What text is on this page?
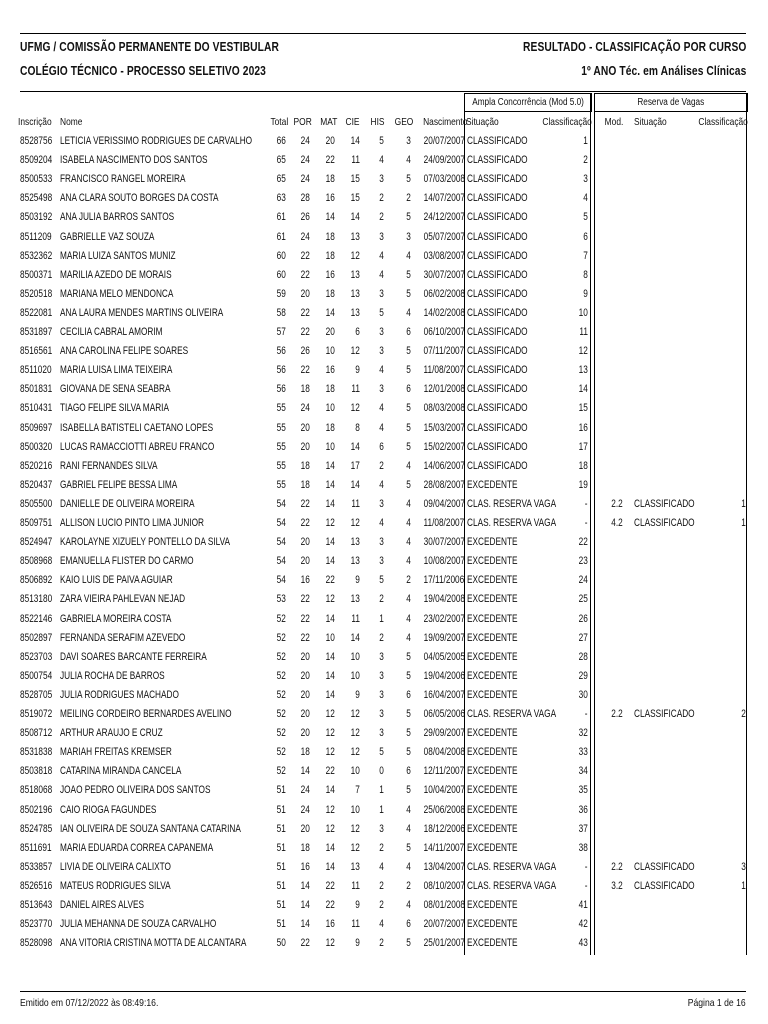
UFMG / COMISSÃO PERMANENTE DO VESTIBULAR
COLÉGIO TÉCNICO - PROCESSO SELETIVO 2023
RESULTADO - CLASSIFICAÇÃO POR CURSO
1º ANO Téc. em Análises Clínicas
Ampla Concorrência (Mod 5.0)	Reserva de Vagas
Inscrição Nome	Total POR MAT CIE	HIS GEO Nascimento
Situação	Classificação	Mod. Situação	Classificação
8528756 LETICIA VERISSIMO RODRIGUES DE CARVALHO	66	24	20	14	5	3	20/07/2007 CLASSIFICADO	1
8509204 ISABELA NASCIMENTO DOS SANTOS	65	24	22	11	4	4	24/09/2007 CLASSIFICADO	2
8500533 FRANCISCO RANGEL MOREIRA	65	24	18	15	3	5	07/03/2008 CLASSIFICADO	3
8525498 ANA CLARA SOUTO BORGES DA COSTA	63	28	16	15	2	2	14/07/2007 CLASSIFICADO	4
8503192 ANA JULIA BARROS SANTOS	61	26	14	14	2	5	24/12/2007 CLASSIFICADO	5
8511209 GABRIELLE VAZ SOUZA	61	24	18	13	3	3	05/07/2007 CLASSIFICADO	6
8532362 MARIA LUIZA SANTOS MUNIZ	60	22	18	12	4	4	03/08/2007 CLASSIFICADO	7
8500371 MARILIA AZEDO DE MORAIS	60	22	16	13	4	5	30/07/2007 CLASSIFICADO	8
8520518 MARIANA MELO MENDONCA	59	20	18	13	3	5	06/02/2008 CLASSIFICADO	9
8522081 ANA LAURA MENDES MARTINS OLIVEIRA	58	22	14	13	5	4	14/02/2008 CLASSIFICADO	10
8531897 CECILIA CABRAL AMORIM	57	22	20	6	3	6	06/10/2007 CLASSIFICADO	11
8516561 ANA CAROLINA FELIPE SOARES	56	26	10	12	3	5	07/11/2007 CLASSIFICADO	12
8511020 MARIA LUISA LIMA TEIXEIRA	56	22	16	9	4	5	11/08/2007 CLASSIFICADO	13
8501831 GIOVANA DE SENA SEABRA	56	18	18	11	3	6	12/01/2008 CLASSIFICADO	14
8510431 TIAGO FELIPE SILVA MARIA	55	24	10	12	4	5	08/03/2008 CLASSIFICADO	15
8509697 ISABELLA BATISTELI CAETANO LOPES	55	20	18	8	4	5	15/03/2007 CLASSIFICADO	16
8500320 LUCAS RAMACCIOTTI ABREU FRANCO	55	20	10	14	6	5	15/02/2007 CLASSIFICADO	17
8520216 RANI FERNANDES SILVA	55	18	14	17	2	4	14/06/2007 CLASSIFICADO	18
8520437 GABRIEL FELIPE BESSA LIMA	55	18	14	14	4	5	28/08/2007 EXCEDENTE	19
8505500 DANIELLE DE OLIVEIRA MOREIRA	54	22	14	11	3	4	09/04/2007 CLAS. RESERVA VAGA	-	2.2 CLASSIFICADO	1
8509751 ALLISON LUCIO PINTO LIMA JUNIOR	54	22	12	12	4	4	11/08/2007 CLAS. RESERVA VAGA	-	4.2 CLASSIFICADO	1
8524947 KAROLAYNE XIZUELY PONTELLO DA SILVA	54	20	14	13	3	4	30/07/2007 EXCEDENTE	22
8508968 EMANUELLA FLISTER DO CARMO	54	20	14	13	3	4	10/08/2007 EXCEDENTE	23
8506892 KAIO LUIS DE PAIVA AGUIAR	54	16	22	9	5	2	17/11/2006 EXCEDENTE	24
8513180 ZARA VIEIRA PAHLEVAN NEJAD	53	22	12	13	2	4	19/04/2008 EXCEDENTE	25
8522146 GABRIELA MOREIRA COSTA	52	22	14	11	1	4	23/02/2007 EXCEDENTE	26
8502897 FERNANDA SERAFIM AZEVEDO	52	22	10	14	2	4	19/09/2007 EXCEDENTE	27
8523703 DAVI SOARES BARCANTE FERREIRA	52	20	14	10	3	5	04/05/2005 EXCEDENTE	28
8500754 JULIA ROCHA DE BARROS	52	20	14	10	3	5	19/04/2006 EXCEDENTE	29
8528705 JULIA RODRIGUES MACHADO	52	20	14	9	3	6	16/04/2007 EXCEDENTE	30
8519072 MEILING CORDEIRO BERNARDES AVELINO	52	20	12	12	3	5	06/05/2006 CLAS. RESERVA VAGA	-	2.2 CLASSIFICADO	2
8508712 ARTHUR ARAUJO E CRUZ	52	20	12	12	3	5	29/09/2007 EXCEDENTE	32
8531838 MARIAH FREITAS KREMSER	52	18	12	12	5	5	08/04/2008 EXCEDENTE	33
8503818 CATARINA MIRANDA CANCELA	52	14	22	10	0	6	12/11/2007 EXCEDENTE	34
8518068 JOAO PEDRO OLIVEIRA DOS SANTOS	51	24	14	7	1	5	10/04/2007 EXCEDENTE	35
8502196 CAIO RIOGA FAGUNDES	51	24	12	10	1	4	25/06/2008 EXCEDENTE	36
8524785 IAN OLIVEIRA DE SOUZA SANTANA CATARINA	51	20	12	12	3	4	18/12/2006 EXCEDENTE	37
8511691 MARIA EDUARDA CORREA CAPANEMA	51	18	14	12	2	5	14/11/2007 EXCEDENTE	38
8533857 LIVIA DE OLIVEIRA CALIXTO	51	16	14	13	4	4	13/04/2007 CLAS. RESERVA VAGA	-	2.2 CLASSIFICADO	3
8526516 MATEUS RODRIGUES SILVA	51	14	22	11	2	2	08/10/2007 CLAS. RESERVA VAGA	-	3.2 CLASSIFICADO	1
8513643 DANIEL AIRES ALVES	51	14	22	9	2	4	08/01/2008 EXCEDENTE	41
8523770 JULIA MEHANNA DE SOUZA CARVALHO	51	14	16	11	4	6	20/07/2007 EXCEDENTE	42
8528098 ANA VITORIA CRISTINA MOTTA DE ALCANTARA	50	22	12	9	2	5	25/01/2007 EXCEDENTE	43
Emitido em 07/12/2022 às 08:49:16.	Página 1 de 16
